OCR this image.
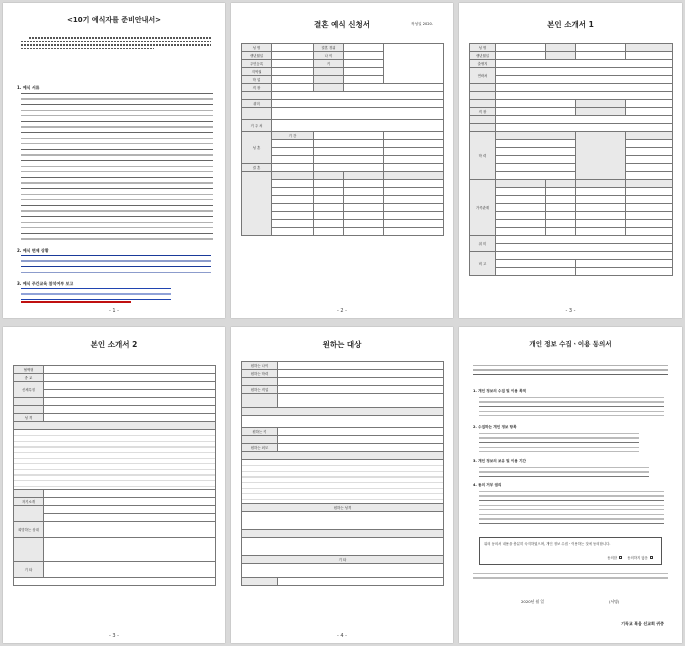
<10기 예식자를 준비안내서>
1. 예식 서류
2. 예식 면제 상황
3. 예식 주간교육 참석여부 보고
- 1 -
결혼 예식 신청서	작성일 2020.
성 명		결혼 경위		
생년월일		나 이		
주민등록		키		
지역권				
학 업				
직 장				

취미				

거 주 처				
성 혼	기 간			

결 혼				

- 2 -
본인 소개서 1
성 명				
생년월일				
출생지				
연락처				

직 장				

학 력				

가족관계				

취 미				

비 고				

- 3 -
본인 소개서 2
혈액형	
종 교	
신체특징	

성 격	

자기소개	

희망하는 상대	

기 타	

- 3 -
원하는 대상
원하는 나이	
원하는 학력	

원하는 직업	

원하는 키	

원하는 외모	

원하는 성격	

기 타	

- 4 -
개인 정보 수집ㆍ이용 동의서
1. 개인 정보의 수집 및 이용 목적
2. 수집하는 개인 정보 항목
3. 개인 정보의 보유 및 이용 기간
4. 동의 거부 권리
위의 동의서 내용을 충분히 숙지하였으며, 개인 정보 수집ㆍ이용하는 것에 동의합니다.
동의함	동의하지 않음
2020년 월 일	(서명)
기독교 복음 선교회 귀중
